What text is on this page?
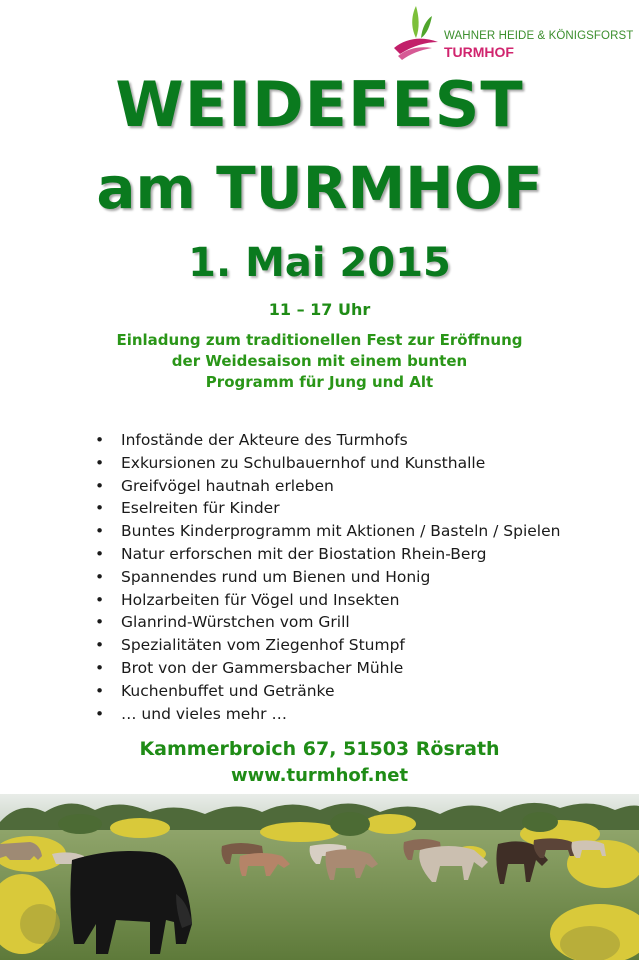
WAHNER HEIDE & KÖNIGSFORST
TURMHOF
WEIDEFEST
am TURMHOF
1. Mai 2015
11 – 17 Uhr
Einladung zum traditionellen Fest zur Eröffnung
der Weidesaison mit einem bunten
Programm für Jung und Alt
• Infostände der Akteure des Turmhofs
• Exkursionen zu Schulbauernhof und Kunsthalle
• Greifvögel hautnah erleben
• Eselreiten für Kinder
• Buntes Kinderprogramm mit Aktionen / Basteln / Spielen
• Natur erforschen mit der Biostation Rhein-Berg
• Spannendes rund um Bienen und Honig
• Holzarbeiten für Vögel und Insekten
• Glanrind-Würstchen vom Grill
• Spezialitäten vom Ziegenhof Stumpf
• Brot von der Gammersbacher Mühle
• Kuchenbuffet und Getränke
• … und vieles mehr …
Kammerbroich 67, 51503 Rösrath
www.turmhof.net
